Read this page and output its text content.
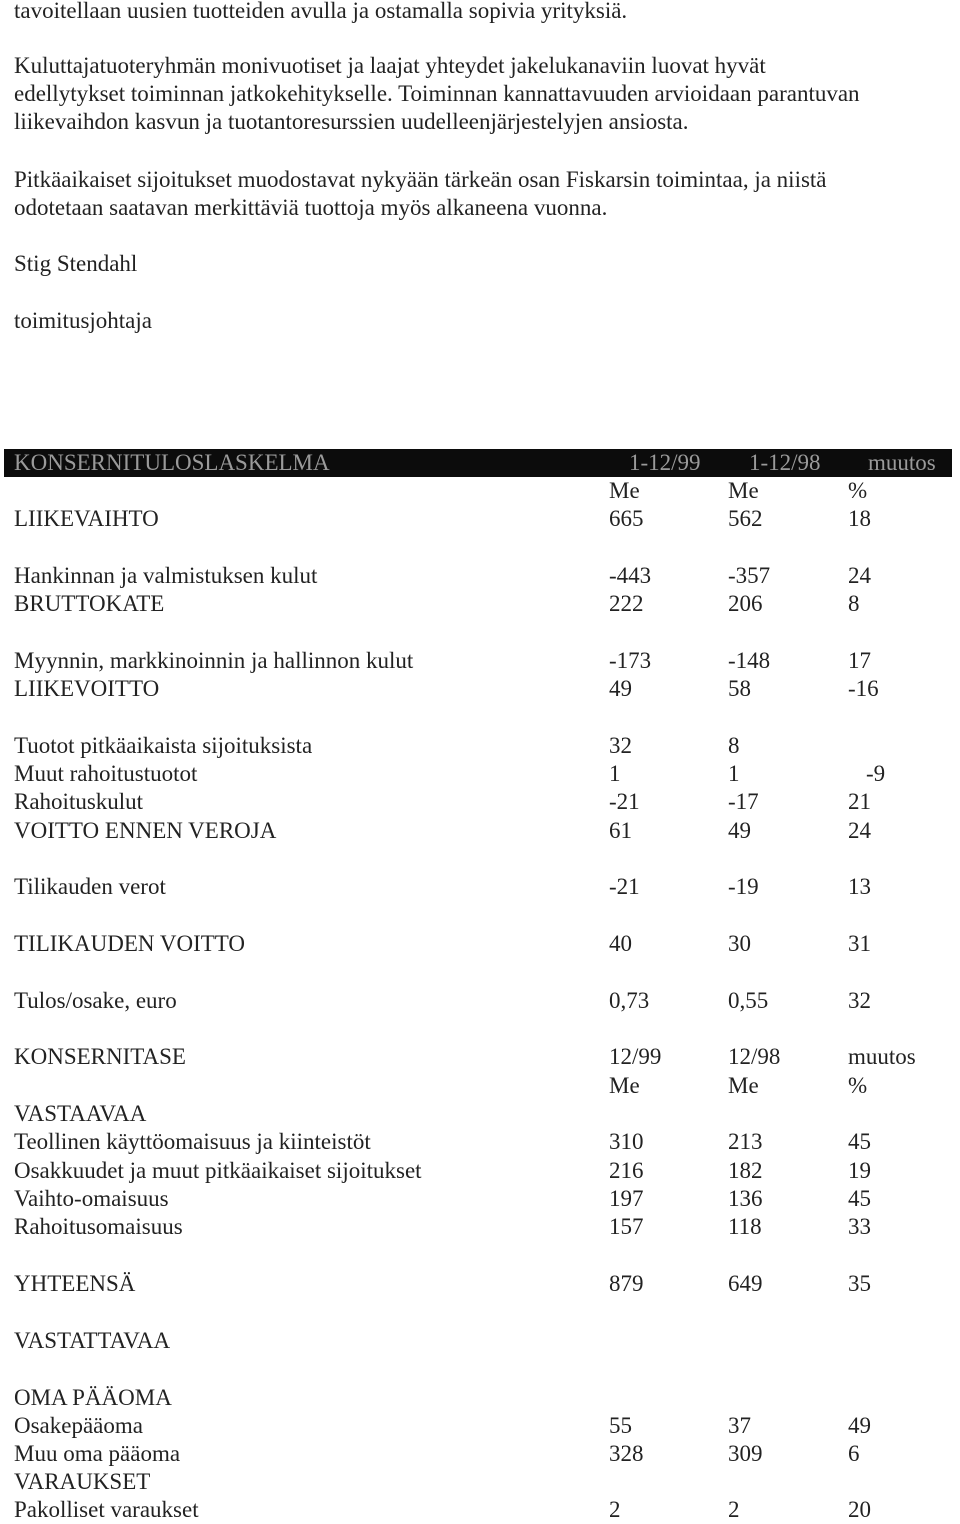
tavoitellaan uusien tuotteiden avulla ja ostamalla sopivia yrityksiä.
Kuluttajatuoteryhmän monivuotiset ja laajat yhteydet jakelukanaviin luovat hyvät
edellytykset toiminnan jatkokehitykselle. Toiminnan kannattavuuden arvioidaan parantuvan
liikevaihdon kasvun ja tuotantoresurssien uudelleenjärjestelyjen ansiosta.
Pitkäaikaiset sijoitukset muodostavat nykyään tärkeän osan Fiskarsin toimintaa, ja niistä
odotetaan saatavan merkittäviä tuottoja myös alkaneena vuonna.
Stig Stendahl
toimitusjohtaja
KONSERNITULOSLASKELMA	1-12/99 1-12/98 muutos
Me	Me	%
LIIKEVAIHTO	665	562	18
Hankinnan ja valmistuksen kulut	-443	-357	24
BRUTTOKATE	222	206	8
Myynnin, markkinoinnin ja hallinnon kulut	-173	-148	17
LIIKEVOITTO	49	58	-16
Tuotot pitkäaikaista sijoituksista	32	8
Muut rahoitustuotot	1	1	-9
Rahoituskulut	-21	-17	21
VOITTO ENNEN VEROJA	61	49	24
Tilikauden verot	-21	-19	13
TILIKAUDEN VOITTO	40	30	31
Tulos/osake, euro	0,73	0,55	32
KONSERNITASE	12/99	12/98	muutos
Me	Me	%
VASTAAVAA
Teollinen käyttöomaisuus ja kiinteistöt	310	213	45
Osakkuudet ja muut pitkäaikaiset sijoitukset	216	182	19
Vaihto-omaisuus	197	136	45
Rahoitusomaisuus	157	118	33
YHTEENSÄ	879	649	35
VASTATTAVAA
OMA PÄÄOMA
Osakepääoma	55	37	49
Muu oma pääoma	328	309	6
VARAUKSET
Pakolliset varaukset	2	2	20
